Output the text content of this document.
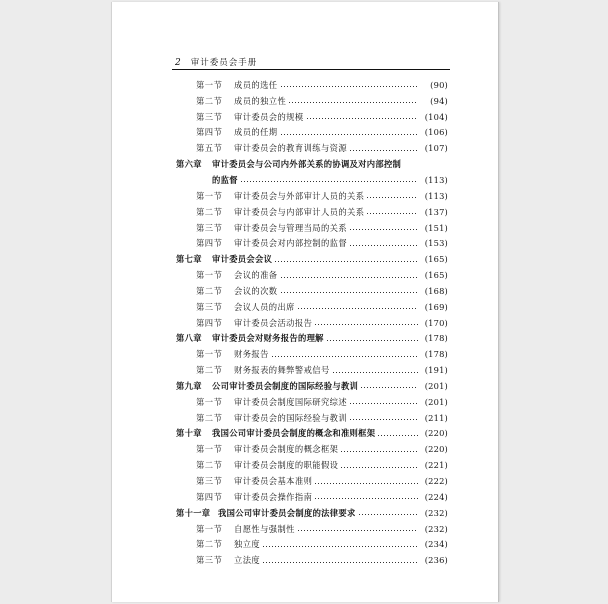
2 审计委员会手册
第一节	成员的选任	(90)
第二节	成员的独立性	(94)
第三节	审计委员会的规模	(104)
第四节	成员的任期	(106)
第五节	审计委员会的教育训练与资源	(107)
第六章	审计委员会与公司内外部关系的协调及对内部控制
的监督	(113)
第一节	审计委员会与外部审计人员的关系	(113)
第二节	审计委员会与内部审计人员的关系	(137)
第三节	审计委员会与管理当局的关系	(151)
第四节	审计委员会对内部控制的监督	(153)
第七章	审计委员会会议	(165)
第一节	会议的准备	(165)
第二节	会议的次数	(168)
第三节	会议人员的出席	(169)
第四节	审计委员会活动报告	(170)
第八章	审计委员会对财务报告的理解	(178)
第一节	财务报告	(178)
第二节	财务报表的舞弊警戒信号	(191)
第九章	公司审计委员会制度的国际经验与教训	(201)
第一节	审计委员会制度国际研究综述	(201)
第二节	审计委员会的国际经验与教训	(211)
第十章	我国公司审计委员会制度的概念和准则框架	(220)
第一节	审计委员会制度的概念框架	(220)
第二节	审计委员会制度的职能假设	(221)
第三节	审计委员会基本准则	(222)
第四节	审计委员会操作指南	(224)
第十一章 我国公司审计委员会制度的法律要求	(232)
第一节	自愿性与强制性	(232)
第二节	独立度	(234)
第三节	立法度	(236)
